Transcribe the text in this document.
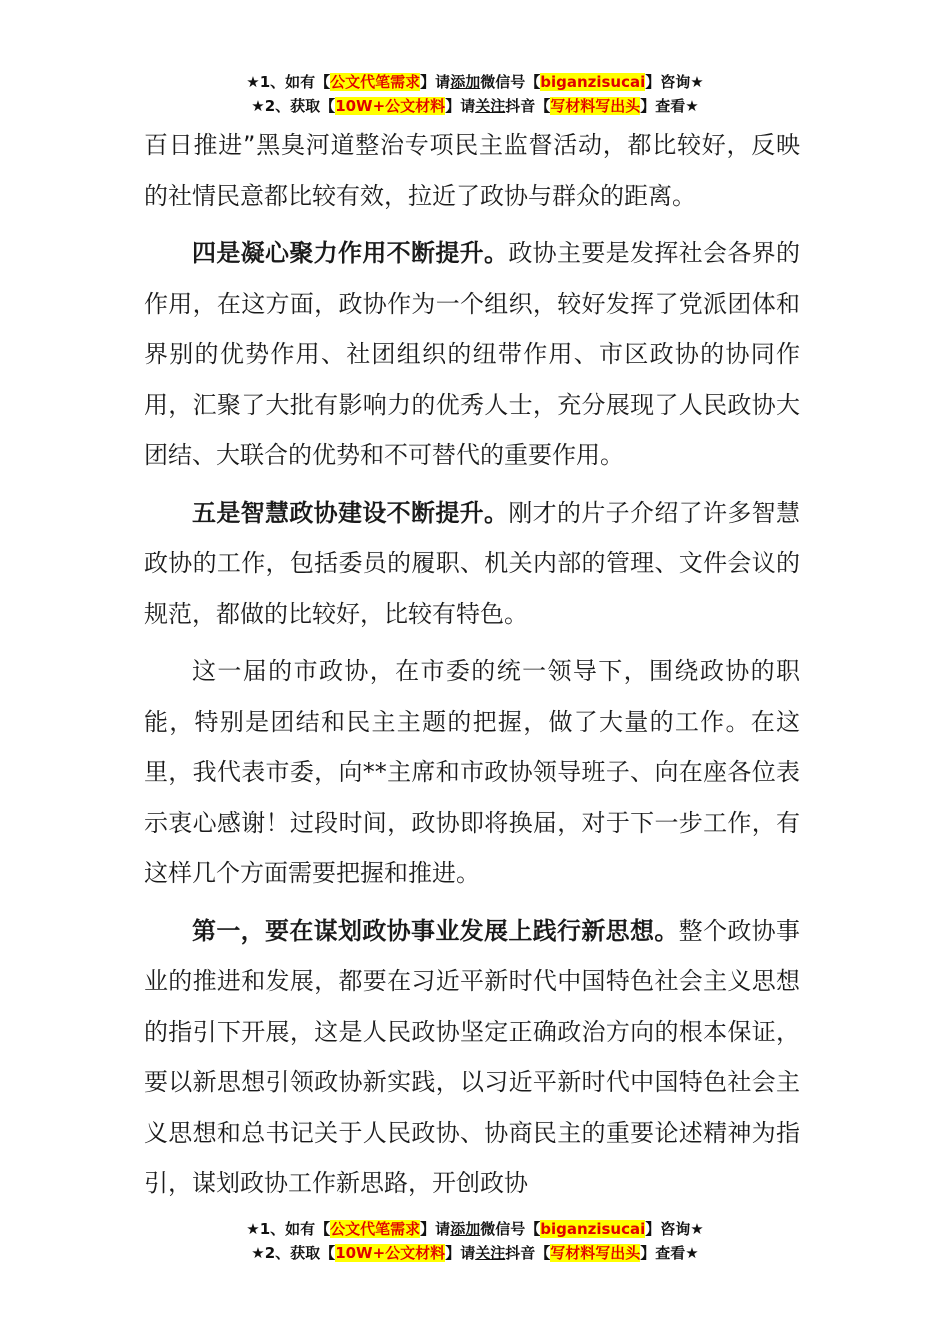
★1、如有【公文代笔需求】请添加微信号【biganzisucai】咨询★
★2、获取【10W+公文材料】请关注抖音【写材料写出头】查看★

百日推进”黑臭河道整治专项民主监督活动，都比较好，反映的社情民意都比较有效，拉近了政协与群众的距离。

四是凝心聚力作用不断提升。政协主要是发挥社会各界的作用，在这方面，政协作为一个组织，较好发挥了党派团体和界别的优势作用、社团组织的纽带作用、市区政协的协同作用，汇聚了大批有影响力的优秀人士，充分展现了人民政协大团结、大联合的优势和不可替代的重要作用。

五是智慧政协建设不断提升。刚才的片子介绍了许多智慧政协的工作，包括委员的履职、机关内部的管理、文件会议的规范，都做的比较好，比较有特色。

这一届的市政协，在市委的统一领导下，围绕政协的职能，特别是团结和民主主题的把握，做了大量的工作。在这里，我代表市委，向**主席和市政协领导班子、向在座各位表示衷心感谢！过段时间，政协即将换届，对于下一步工作，有这样几个方面需要把握和推进。

第一，要在谋划政协事业发展上践行新思想。整个政协事业的推进和发展，都要在习近平新时代中国特色社会主义思想的指引下开展，这是人民政协坚定正确政治方向的根本保证，要以新思想引领政协新实践，以习近平新时代中国特色社会主义思想和总书记关于人民政协、协商民主的重要论述精神为指引，谋划政协工作新思路，开创政协

★1、如有【公文代笔需求】请添加微信号【biganzisucai】咨询★
★2、获取【10W+公文材料】请关注抖音【写材料写出头】查看★
